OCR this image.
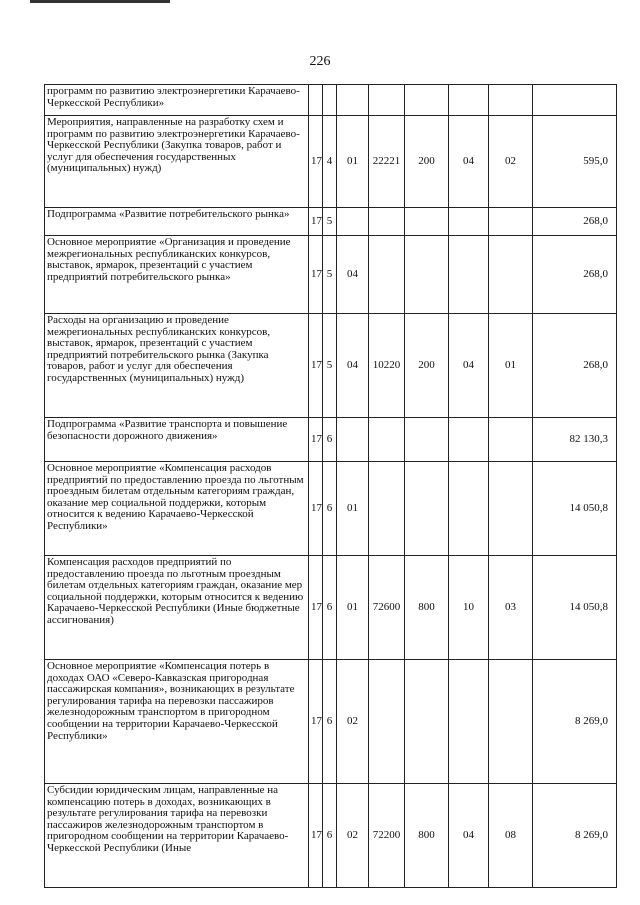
226
программ по развитию электроэнергетики Карачаево-Черкесской Республики»								
Мероприятия, направленные на разработку схем и программ по развитию электроэнергетики Карачаево-Черкесской Республики (Закупка товаров, работ и услуг для обеспечения государственных (муниципальных) нужд)	17	4	01	22221	200	04	02	595,0
Подпрограмма «Развитие потребительского рынка»	17	5						268,0
Основное мероприятие «Организация и проведение межрегиональных республиканских конкурсов, выставок, ярмарок, презентаций с участием предприятий потребительского рынка»	17	5	04					268,0
Расходы на организацию и проведение межрегиональных республиканских конкурсов, выставок, ярмарок, презентаций с участием предприятий потребительского рынка (Закупка товаров, работ и услуг для обеспечения государственных (муниципальных) нужд)	17	5	04	10220	200	04	01	268,0
Подпрограмма «Развитие транспорта и повышение безопасности дорожного движения»	17	6						82 130,3
Основное мероприятие «Компенсация расходов предприятий по предоставлению проезда по льготным проездным билетам отдельным категориям граждан, оказание мер социальной поддержки, которым относится к ведению Карачаево-Черкесской Республики»	17	6	01					14 050,8
Компенсация расходов предприятий по предоставлению проезда по льготным проездным билетам отдельных категориям граждан, оказание мер социальной поддержки, которым относится к ведению Карачаево-Черкесской Республики (Иные бюджетные ассигнования)	17	6	01	72600	800	10	03	14 050,8
Основное мероприятие «Компенсация потерь в доходах ОАО «Северо-Кавказская пригородная пассажирская компания», возникающих в результате регулирования тарифа на перевозки пассажиров железнодорожным транспортом в пригородном сообщении на территории Карачаево-Черкесской Республики»	17	6	02					8 269,0
Субсидии юридическим лицам, направленные на компенсацию потерь в доходах, возникающих в результате регулирования тарифа на перевозки пассажиров железнодорожным транспортом в пригородном сообщении на территории Карачаево-Черкесской Республики (Иные	17	6	02	72200	800	04	08	8 269,0
